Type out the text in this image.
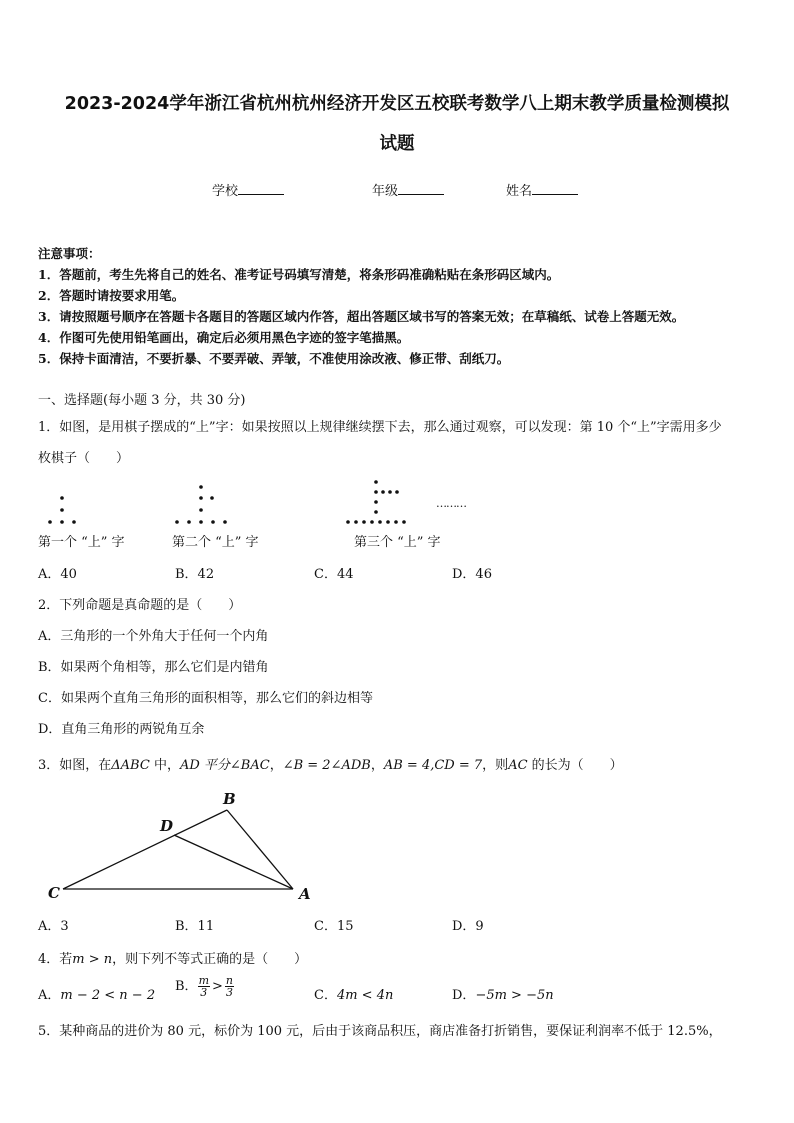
2023-2024学年浙江省杭州杭州经济开发区五校联考数学八上期末教学质量检测模拟
试题
学校	年级	姓名
注意事项：
1．答题前，考生先将自己的姓名、准考证号码填写清楚，将条形码准确粘贴在条形码区域内。
2．答题时请按要求用笔。
3．请按照题号顺序在答题卡各题目的答题区域内作答，超出答题区域书写的答案无效；在草稿纸、试卷上答题无效。
4．作图可先使用铅笔画出，确定后必须用黑色字迹的签字笔描黑。
5．保持卡面清洁，不要折暴、不要弄破、弄皱，不准使用涂改液、修正带、刮纸刀。
一、选择题(每小题 3 分，共 30 分)
1．如图，是用棋子摆成的“上”字：如果按照以上规律继续摆下去，那么通过观察，可以发现：第 10 个“上”字需用多少
枚棋子（　　）
………
第一个 “上” 字	第二个 “上” 字	第三个 “上” 字
A．40	B．42	C．44	D．46
2．下列命题是真命题的是（　　）
A．三角形的一个外角大于任何一个内角
B．如果两个角相等，那么它们是内错角
C．如果两个直角三角形的面积相等，那么它们的斜边相等
D．直角三角形的两锐角互余
3．如图，在ΔABC 中，AD 平分∠BAC，∠B = 2∠ADB，AB = 4,CD = 7，则AC 的长为（　　）
B
D
C	A
A．3	B．11	C．15	D．9
4．若m > n，则下列不等式正确的是（　　）
A．m − 2 < n − 2
B． $\frac{m}{3} > \frac{n}{3}$	C．4m < 4n	D．−5m > −5n
5．某种商品的进价为 80 元，标价为 100 元，后由于该商品积压，商店准备打折销售，要保证利润率不低于 12.5%，
